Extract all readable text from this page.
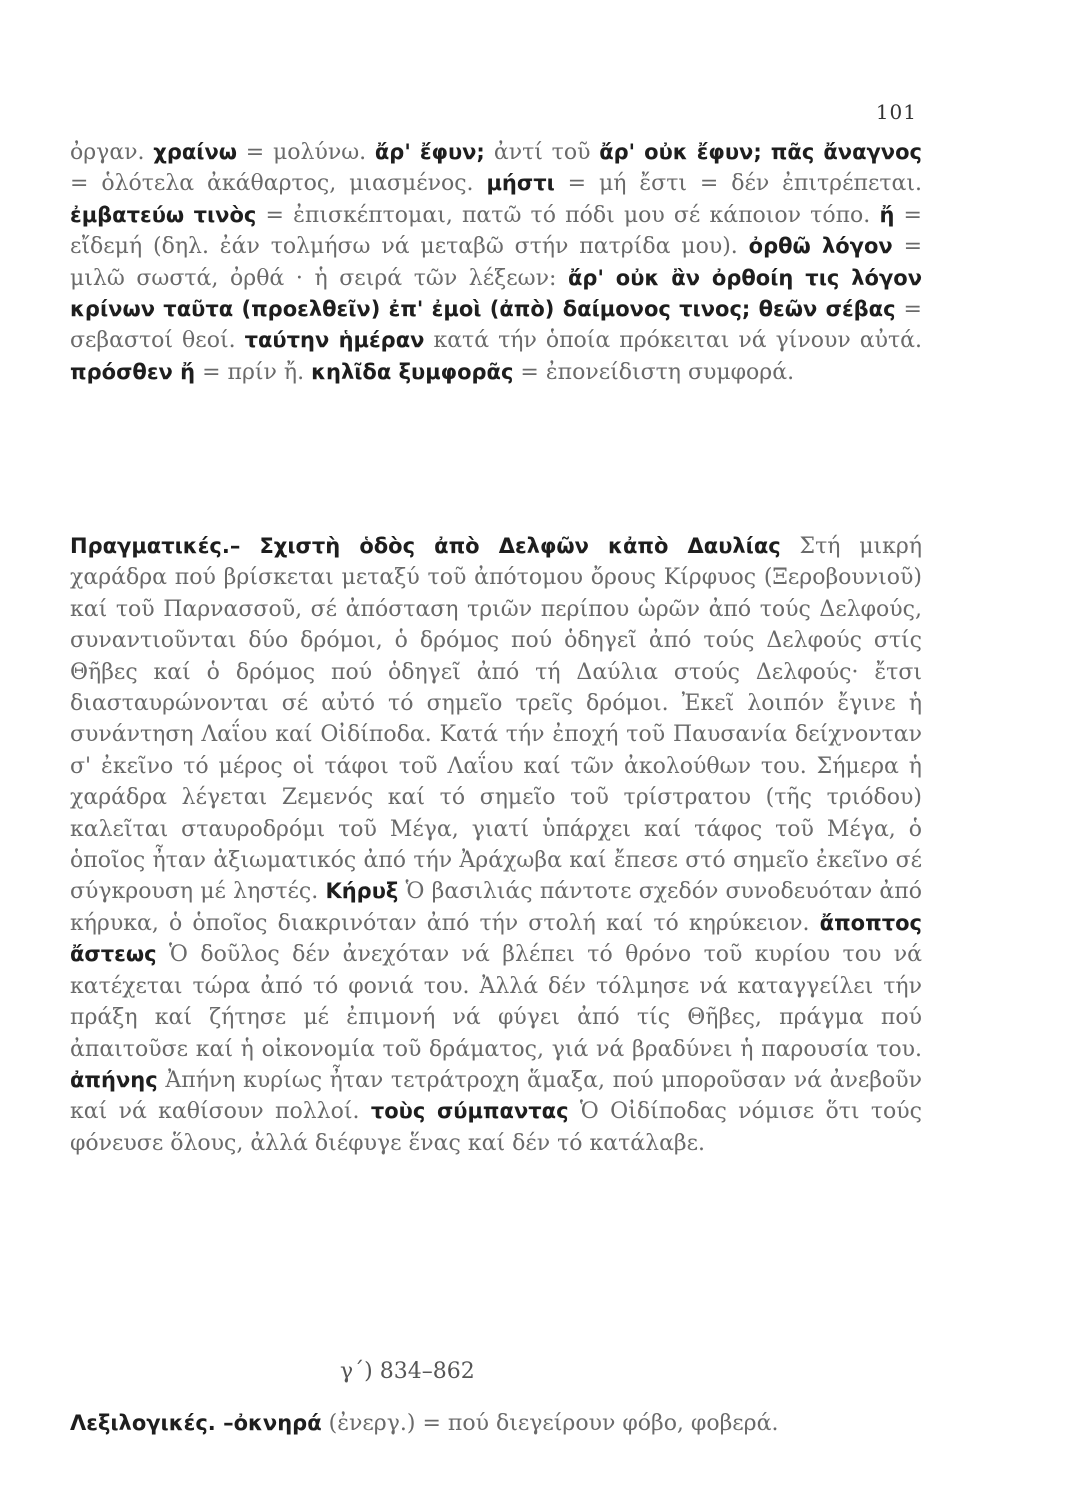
101

ὀργαν. χραίνω = μολύνω. ἄρ' ἔφυν; ἀντί τοῦ ἄρ' οὐκ ἔφυν; πᾶς ἄναγνος = ὁλότελα ἀκάθαρτος, μιασμένος. μήστι = μή ἔστι = δέν ἐπιτρέπεται. ἐμβατεύω τινὸς = ἐπισκέπτομαι, πατῶ τό πόδι μου σέ κάποιον τόπο. ἤ = εἴδεμή (δηλ. ἐάν τολμήσω νά μεταβῶ στήν πατρίδα μου). ὀρθῶ λόγον = μιλῶ σωστά, ὀρθά · ἡ σειρά τῶν λέξεων: ἄρ' οὐκ ἂν ὀρθοίη τις λόγον κρίνων ταῦτα (προελθεῖν) ἐπ' ἐμοὶ (ἀπὸ) δαίμονος τινος; θεῶν σέβας = σεβαστοί θεοί. ταύτην ἡμέραν κατά τήν ὁποία πρόκειται νά γίνουν αὐτά. πρόσθεν ἤ = πρίν ἤ. κηλῖδα ξυμφορᾶς = ἐπονείδιστη συμφορά.

Πραγματικές.– Σχιστὴ ὁδὸς ἀπὸ Δελφῶν κἀπὸ Δαυλίας Στή μικρή χαράδρα πού βρίσκεται μεταξύ τοῦ ἀπότομου ὄρους Κίρφυος (Ξεροβουνιοῦ) καί τοῦ Παρνασσοῦ, σέ ἀπόσταση τριῶν περίπου ὡρῶν ἀπό τούς Δελφούς, συναντιοῦνται δύο δρόμοι, ὁ δρόμος πού ὁδηγεῖ ἀπό τούς Δελφούς στίς Θῆβες καί ὁ δρόμος πού ὁδηγεῖ ἀπό τή Δαύλια στούς Δελφούς· ἔτσι διασταυρώνονται σέ αὐτό τό σημεῖο τρεῖς δρόμοι. Ἐκεῖ λοιπόν ἔγινε ἡ συνάντηση Λαΐου καί Οἰδίποδα. Κατά τήν ἐποχή τοῦ Παυσανία δείχνονταν σ' ἐκεῖνο τό μέρος οἱ τάφοι τοῦ Λαΐου καί τῶν ἀκολούθων του. Σήμερα ἡ χαράδρα λέγεται Ζεμενός καί τό σημεῖο τοῦ τρίστρατου (τῆς τριόδου) καλεῖται σταυροδρόμι τοῦ Μέγα, γιατί ὑπάρχει καί τάφος τοῦ Μέγα, ὁ ὁποῖος ἦταν ἀξιωματικός ἀπό τήν Ἀράχωβα καί ἔπεσε στό σημεῖο ἐκεῖνο σέ σύγκρουση μέ ληστές. Κήρυξ Ὁ βασιλιάς πάντοτε σχεδόν συνοδευόταν ἀπό κήρυκα, ὁ ὁποῖος διακρινόταν ἀπό τήν στολή καί τό κηρύκειον. ἄποπτος ἄστεως Ὁ δοῦλος δέν ἀνεχόταν νά βλέπει τό θρόνο τοῦ κυρίου του νά κατέχεται τώρα ἀπό τό φονιά του. Ἀλλά δέν τόλμησε νά καταγγείλει τήν πράξη καί ζήτησε μέ ἐπιμονή νά φύγει ἀπό τίς Θῆβες, πράγμα πού ἀπαιτοῦσε καί ἡ οἰκονομία τοῦ δράματος, γιά νά βραδύνει ἡ παρουσία του. ἀπήνης Ἀπήνη κυρίως ἦταν τετράτροχη ἅμαξα, πού μποροῦσαν νά ἀνεβοῦν καί νά καθίσουν πολλοί. τοὺς σύμπαντας Ὁ Οἰδίποδας νόμισε ὅτι τούς φόνευσε ὅλους, ἀλλά διέφυγε ἕνας καί δέν τό κατάλαβε.

γ΄) 834–862

Λεξιλογικές. –ὀκνηρά (ἐνεργ.) = πού διεγείρουν φόβο, φοβερά.
